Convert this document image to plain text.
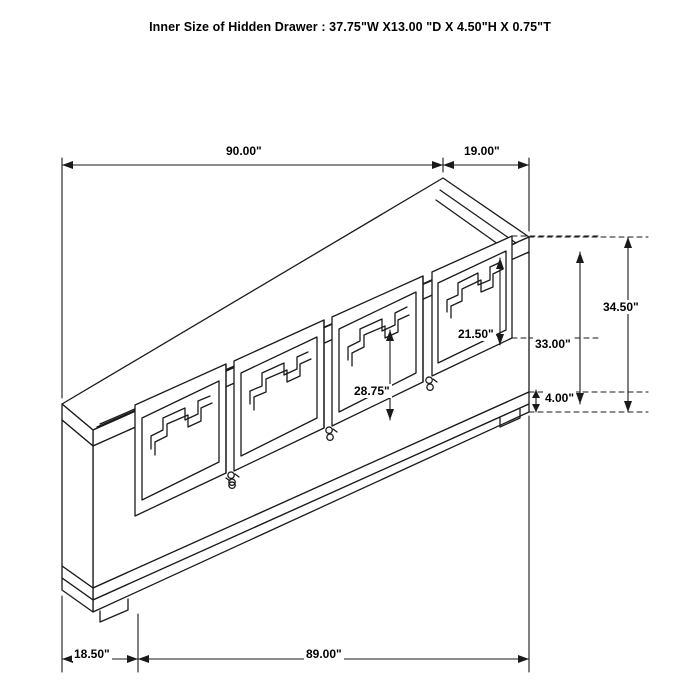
Inner Size of Hidden Drawer : 37.75"W X13.00 "D X 4.50"H X 0.75"T
90.00"	19.00"
34.50"
33.00"
21.50"
28.75"	4.00"
18.50"	89.00"
